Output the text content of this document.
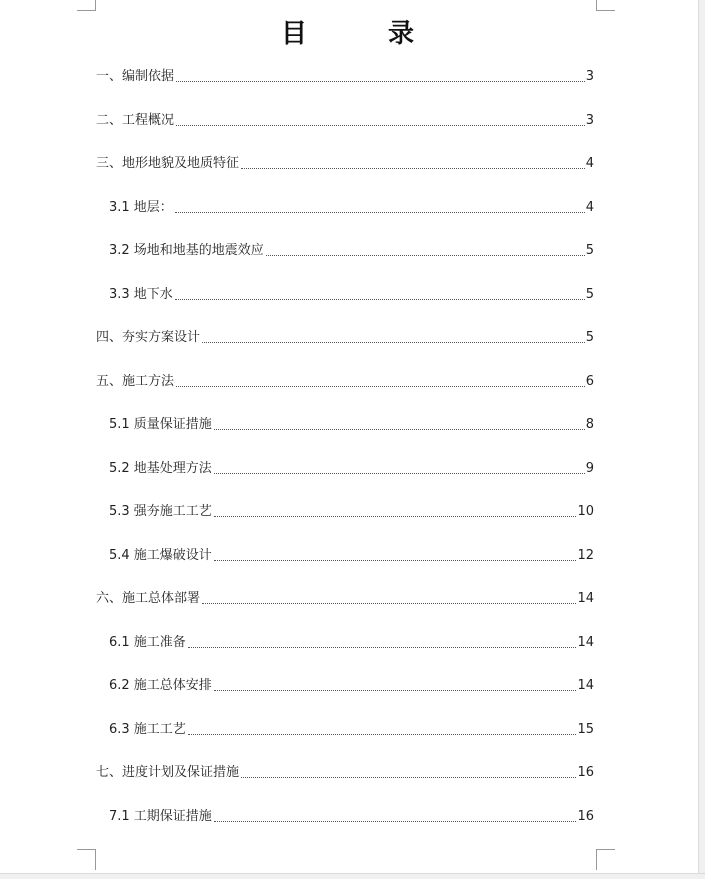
目 录
一、编制依据	3
二、工程概况	3
三、地形地貌及地质特征	4
3.1 地层：	4
3.2 场地和地基的地震效应	5
3.3 地下水	5
四、夯实方案设计	5
五、施工方法	6
5.1 质量保证措施	8
5.2 地基处理方法	9
5.3 强夯施工工艺	10
5.4 施工爆破设计	12
六、施工总体部署	14
6.1 施工准备	14
6.2 施工总体安排	14
6.3 施工工艺	15
七、进度计划及保证措施	16
7.1 工期保证措施	16
